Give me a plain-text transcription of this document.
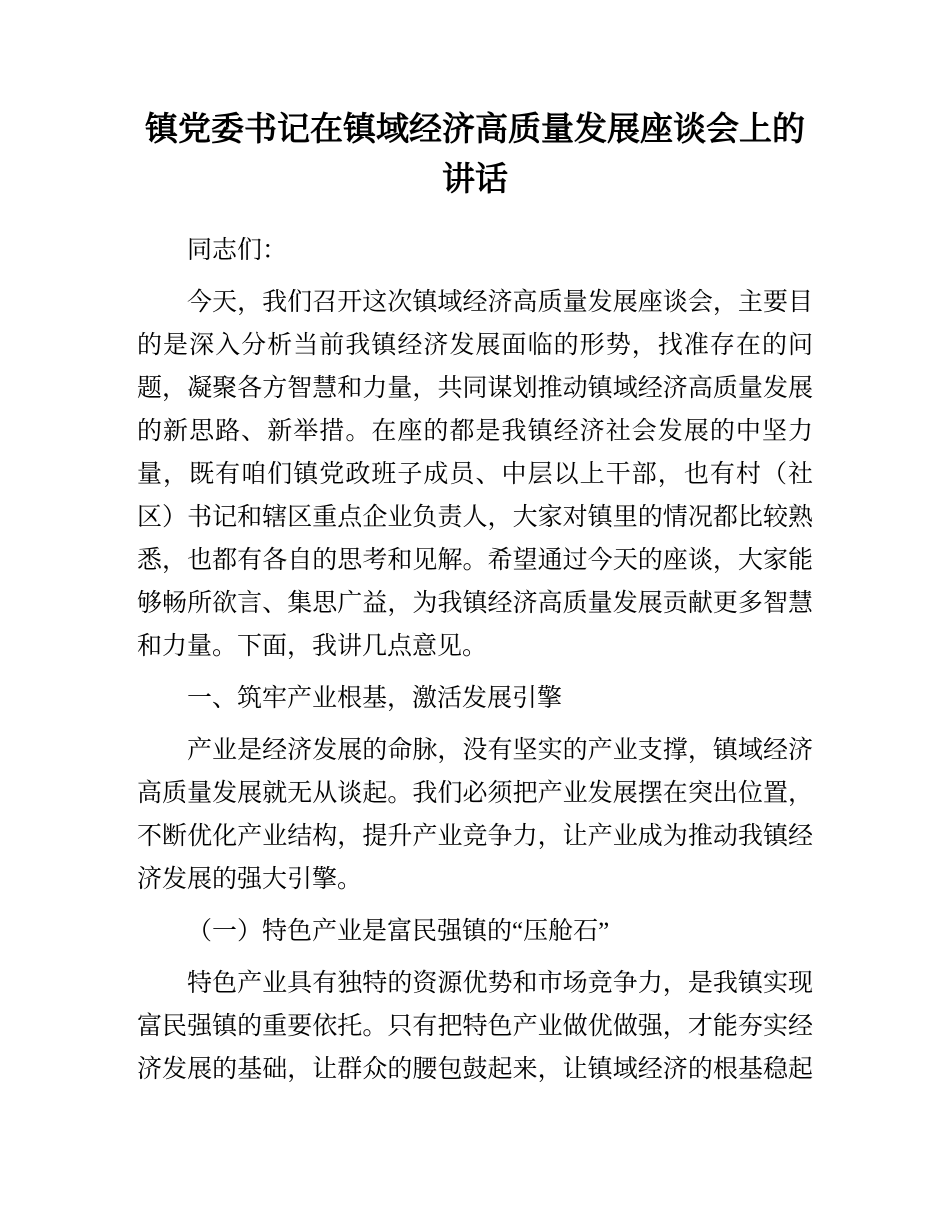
镇党委书记在镇域经济高质量发展座谈会上的讲话

同志们：

今天，我们召开这次镇域经济高质量发展座谈会，主要目的是深入分析当前我镇经济发展面临的形势，找准存在的问题，凝聚各方智慧和力量，共同谋划推动镇域经济高质量发展的新思路、新举措。在座的都是我镇经济社会发展的中坚力量，既有咱们镇党政班子成员、中层以上干部，也有村（社区）书记和辖区重点企业负责人，大家对镇里的情况都比较熟悉，也都有各自的思考和见解。希望通过今天的座谈，大家能够畅所欲言、集思广益，为我镇经济高质量发展贡献更多智慧和力量。下面，我讲几点意见。

一、筑牢产业根基，激活发展引擎

产业是经济发展的命脉，没有坚实的产业支撑，镇域经济高质量发展就无从谈起。我们必须把产业发展摆在突出位置，不断优化产业结构，提升产业竞争力，让产业成为推动我镇经济发展的强大引擎。

（一）特色产业是富民强镇的“压舱石”

特色产业具有独特的资源优势和市场竞争力，是我镇实现富民强镇的重要依托。只有把特色产业做优做强，才能夯实经济发展的基础，让群众的腰包鼓起来，让镇域经济的根基稳起
